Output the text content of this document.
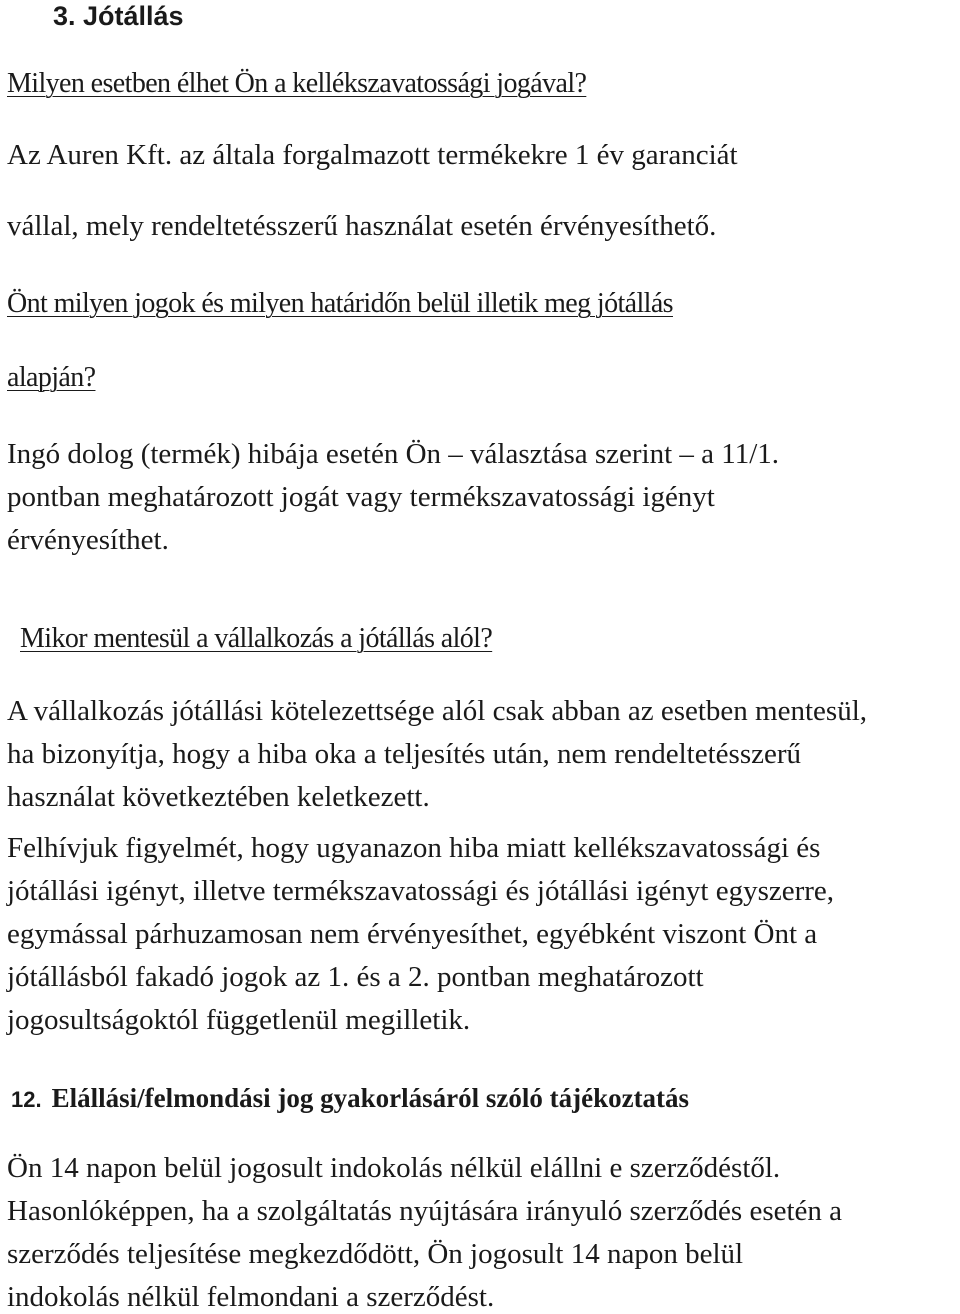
3. Jótállás
Milyen esetben élhet Ön a kellékszavatossági jogával?
Az Auren Kft. az általa forgalmazott termékekre 1 év garanciát
vállal, mely rendeltetésszerű használat esetén érvényesíthető.
Önt milyen jogok és milyen határidőn belül illetik meg jótállás
alapján?
Ingó dolog (termék) hibája esetén Ön – választása szerint – a 11/1.
pontban meghatározott jogát vagy termékszavatossági igényt
érvényesíthet.
Mikor mentesül a vállalkozás a jótállás alól?
A vállalkozás jótállási kötelezettsége alól csak abban az esetben mentesül,
ha bizonyítja, hogy a hiba oka a teljesítés után, nem rendeltetésszerű
használat következtében keletkezett.
Felhívjuk figyelmét, hogy ugyanazon hiba miatt kellékszavatossági és
jótállási igényt, illetve termékszavatossági és jótállási igényt egyszerre,
egymással párhuzamosan nem érvényesíthet, egyébként viszont Önt a
jótállásból fakadó jogok az 1. és a 2. pontban meghatározott
jogosultságoktól függetlenül megilletik.
12. Elállási/felmondási jog gyakorlásáról szóló tájékoztatás
Ön 14 napon belül jogosult indokolás nélkül elállni e szerződéstől.
Hasonlóképpen, ha a szolgáltatás nyújtására irányuló szerződés esetén a
szerződés teljesítése megkezdődött, Ön jogosult 14 napon belül
indokolás nélkül felmondani a szerződést.
